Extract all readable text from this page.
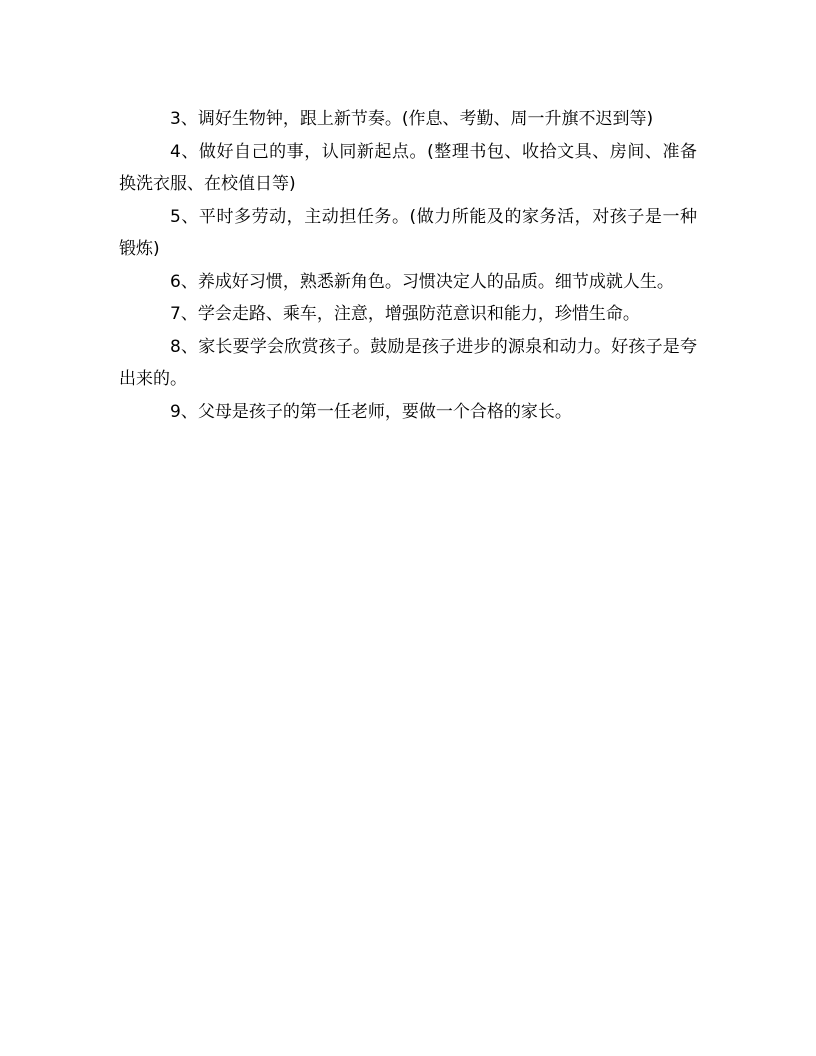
3、调好生物钟，跟上新节奏。(作息、考勤、周一升旗不迟到等)

4、做好自己的事，认同新起点。(整理书包、收拾文具、房间、准备换洗衣服、在校值日等)

5、平时多劳动，主动担任务。(做力所能及的家务活，对孩子是一种锻炼)

6、养成好习惯，熟悉新角色。习惯决定人的品质。细节成就人生。

7、学会走路、乘车，注意，增强防范意识和能力，珍惜生命。

8、家长要学会欣赏孩子。鼓励是孩子进步的源泉和动力。好孩子是夸出来的。

9、父母是孩子的第一任老师，要做一个合格的家长。
